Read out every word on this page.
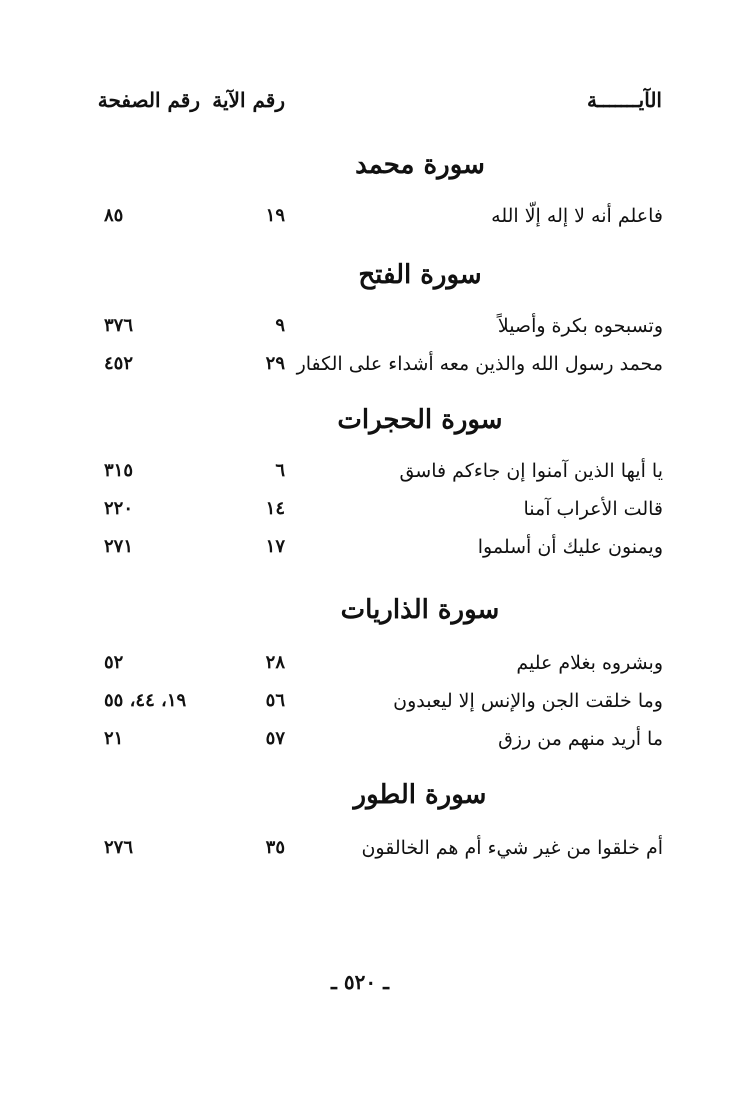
الآيـــــــة
رقم الآية
رقم الصفحة
سورة محمد
فاعلم أنه لا إله إلّا الله
١٩
٨٥
سورة الفتح
وتسبحوه بكرة وأصيلاً
٩
٣٧٦
محمد رسول الله والذين معه أشداء على الكفار
٢٩
٤٥٢
سورة الحجرات
يا أيها الذين آمنوا إن جاءكم فاسق
٦
٣١٥
قالت الأعراب آمنا
١٤
٢٢٠
ويمنون عليك أن أسلموا
١٧
٢٧١
سورة الذاريات
وبشروه بغلام عليم
٢٨
٥٢
وما خلقت الجن والإنس إلا ليعبدون
٥٦
١٩، ٤٤، ٥٥
ما أريد منهم من رزق
٥٧
٢١
سورة الطور
أم خلقوا من غير شيء أم هم الخالقون
٣٥
٢٧٦
ـ ٥٢٠ ـ
